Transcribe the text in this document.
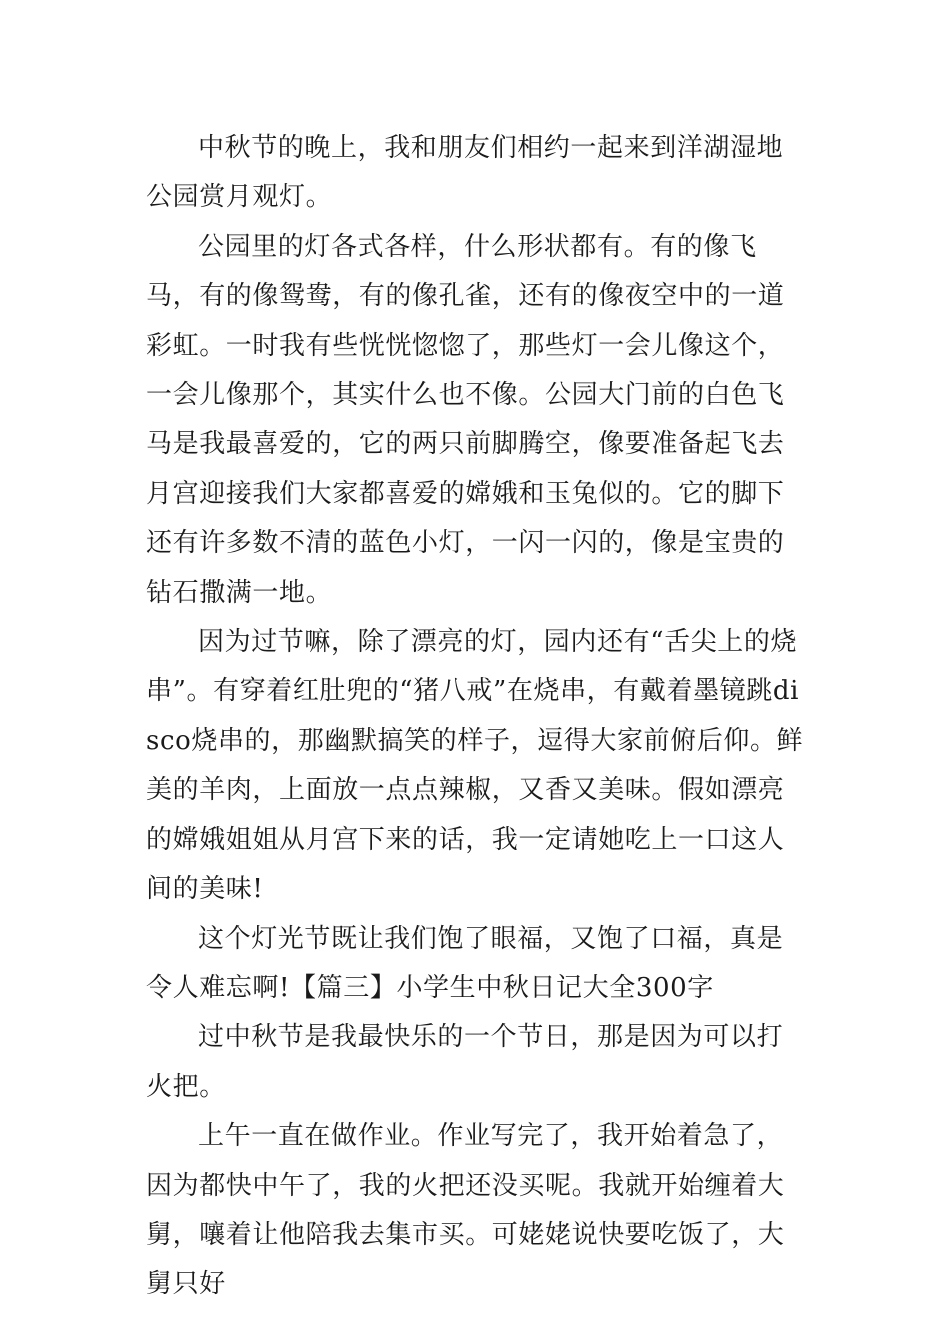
中秋节的晚上，我和朋友们相约一起来到洋湖湿地公园赏月观灯。

公园里的灯各式各样，什么形状都有。有的像飞马，有的像鸳鸯，有的像孔雀，还有的像夜空中的一道彩虹。一时我有些恍恍惚惚了，那些灯一会儿像这个，一会儿像那个，其实什么也不像。公园大门前的白色飞马是我最喜爱的，它的两只前脚腾空，像要准备起飞去月宫迎接我们大家都喜爱的嫦娥和玉兔似的。它的脚下还有许多数不清的蓝色小灯，一闪一闪的，像是宝贵的钻石撒满一地。

因为过节嘛，除了漂亮的灯，园内还有“舌尖上的烧串”。有穿着红肚兜的“猪八戒”在烧串，有戴着墨镜跳disco烧串的，那幽默搞笑的样子，逗得大家前俯后仰。鲜美的羊肉，上面放一点点辣椒，又香又美味。假如漂亮的嫦娥姐姐从月宫下来的话，我一定请她吃上一口这人间的美味!

这个灯光节既让我们饱了眼福，又饱了口福，真是令人难忘啊!【篇三】小学生中秋日记大全300字

过中秋节是我最快乐的一个节日，那是因为可以打火把。

上午一直在做作业。作业写完了，我开始着急了，因为都快中午了，我的火把还没买呢。我就开始缠着大舅，嚷着让他陪我去集市买。可姥姥说快要吃饭了，大舅只好
